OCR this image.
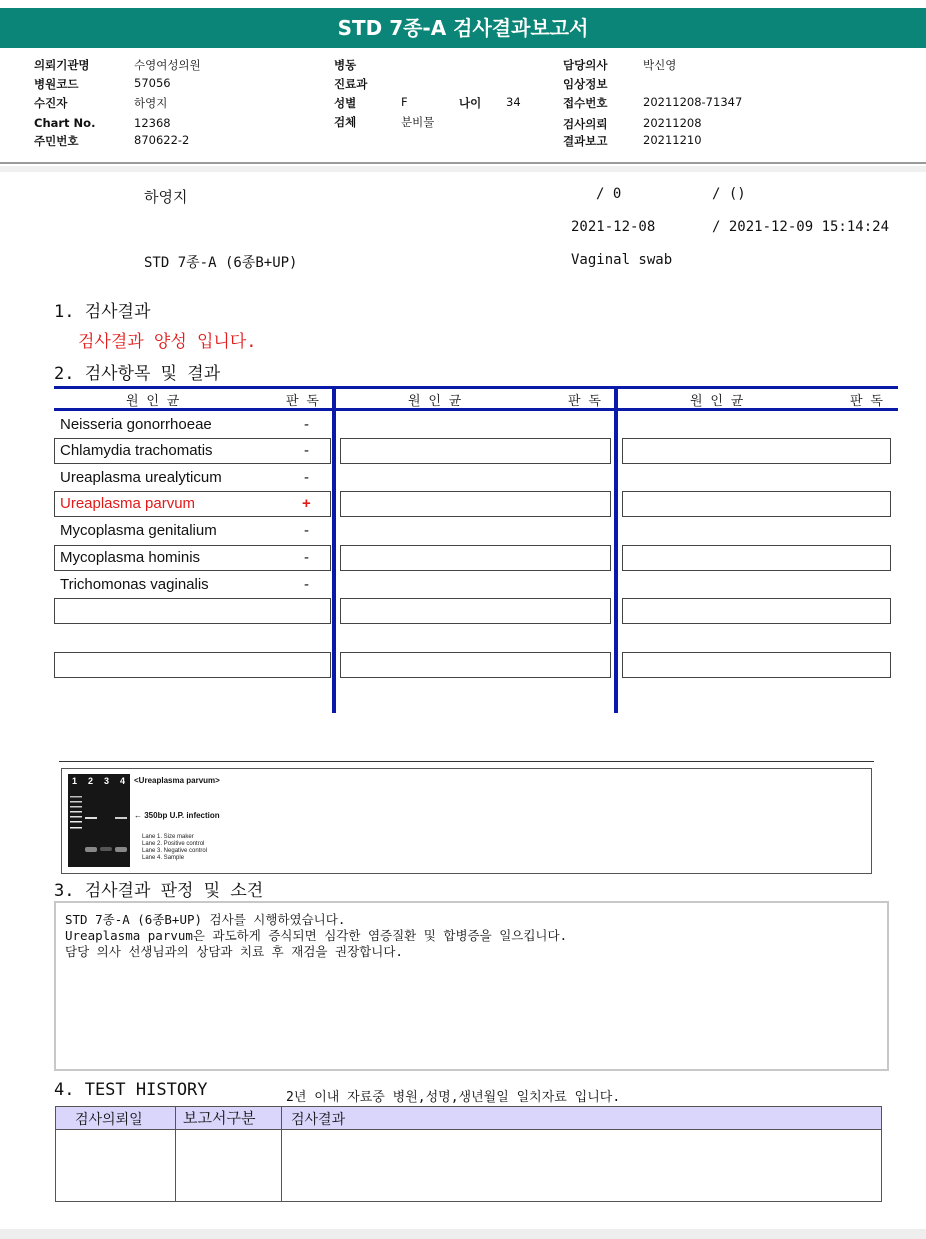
STD 7종-A 검사결과보고서
나이 34
하영지	/ 0	/ ()
2021-12-08	/ 2021-12-09 15:14:24
STD 7종-A (6종B+UP)	Vaginal swab
1. 검사결과
검사결과 양성 입니다.
2. 검사항목 및 결과
<Ureaplasma parvum>
← 350bp U.P. infection
3. 검사결과 판정 및 소견
4. TEST HISTORY	2년 이내 자료중 병원,성명,생년월일 일치자료 입니다.
검사의뢰일	보고서구분	검사결과
의뢰기관명	수영여성의원
병원코드	57056
수진자	하영지
Chart No.	12368
주민번호	870622-2
병동
진료과
성별	F
검체	분비물
담당의사	박신영
임상정보
접수번호	20211208-71347
검사의뢰	20211208
결과보고	20211210
원 인 균	판 독	원 인 균	판 독	원 인 균	판 독
Neisseria gonorrhoeae	-
Chlamydia trachomatis	-
Ureaplasma urealyticum	-
Ureaplasma parvum	+
Mycoplasma genitalium	-
Mycoplasma hominis	-
Trichomonas vaginalis	-
1 2 3 4
Lane 1. Size maker
Lane 2. Positive control
Lane 3. Negative control
Lane 4. Sample
STD 7종-A (6종B+UP) 검사를 시행하였습니다.
Ureaplasma parvum은 과도하게 증식되면 심각한 염증질환 및 합병증을 일으킵니다.
담당 의사 선생님과의 상담과 치료 후 재검을 권장합니다.
